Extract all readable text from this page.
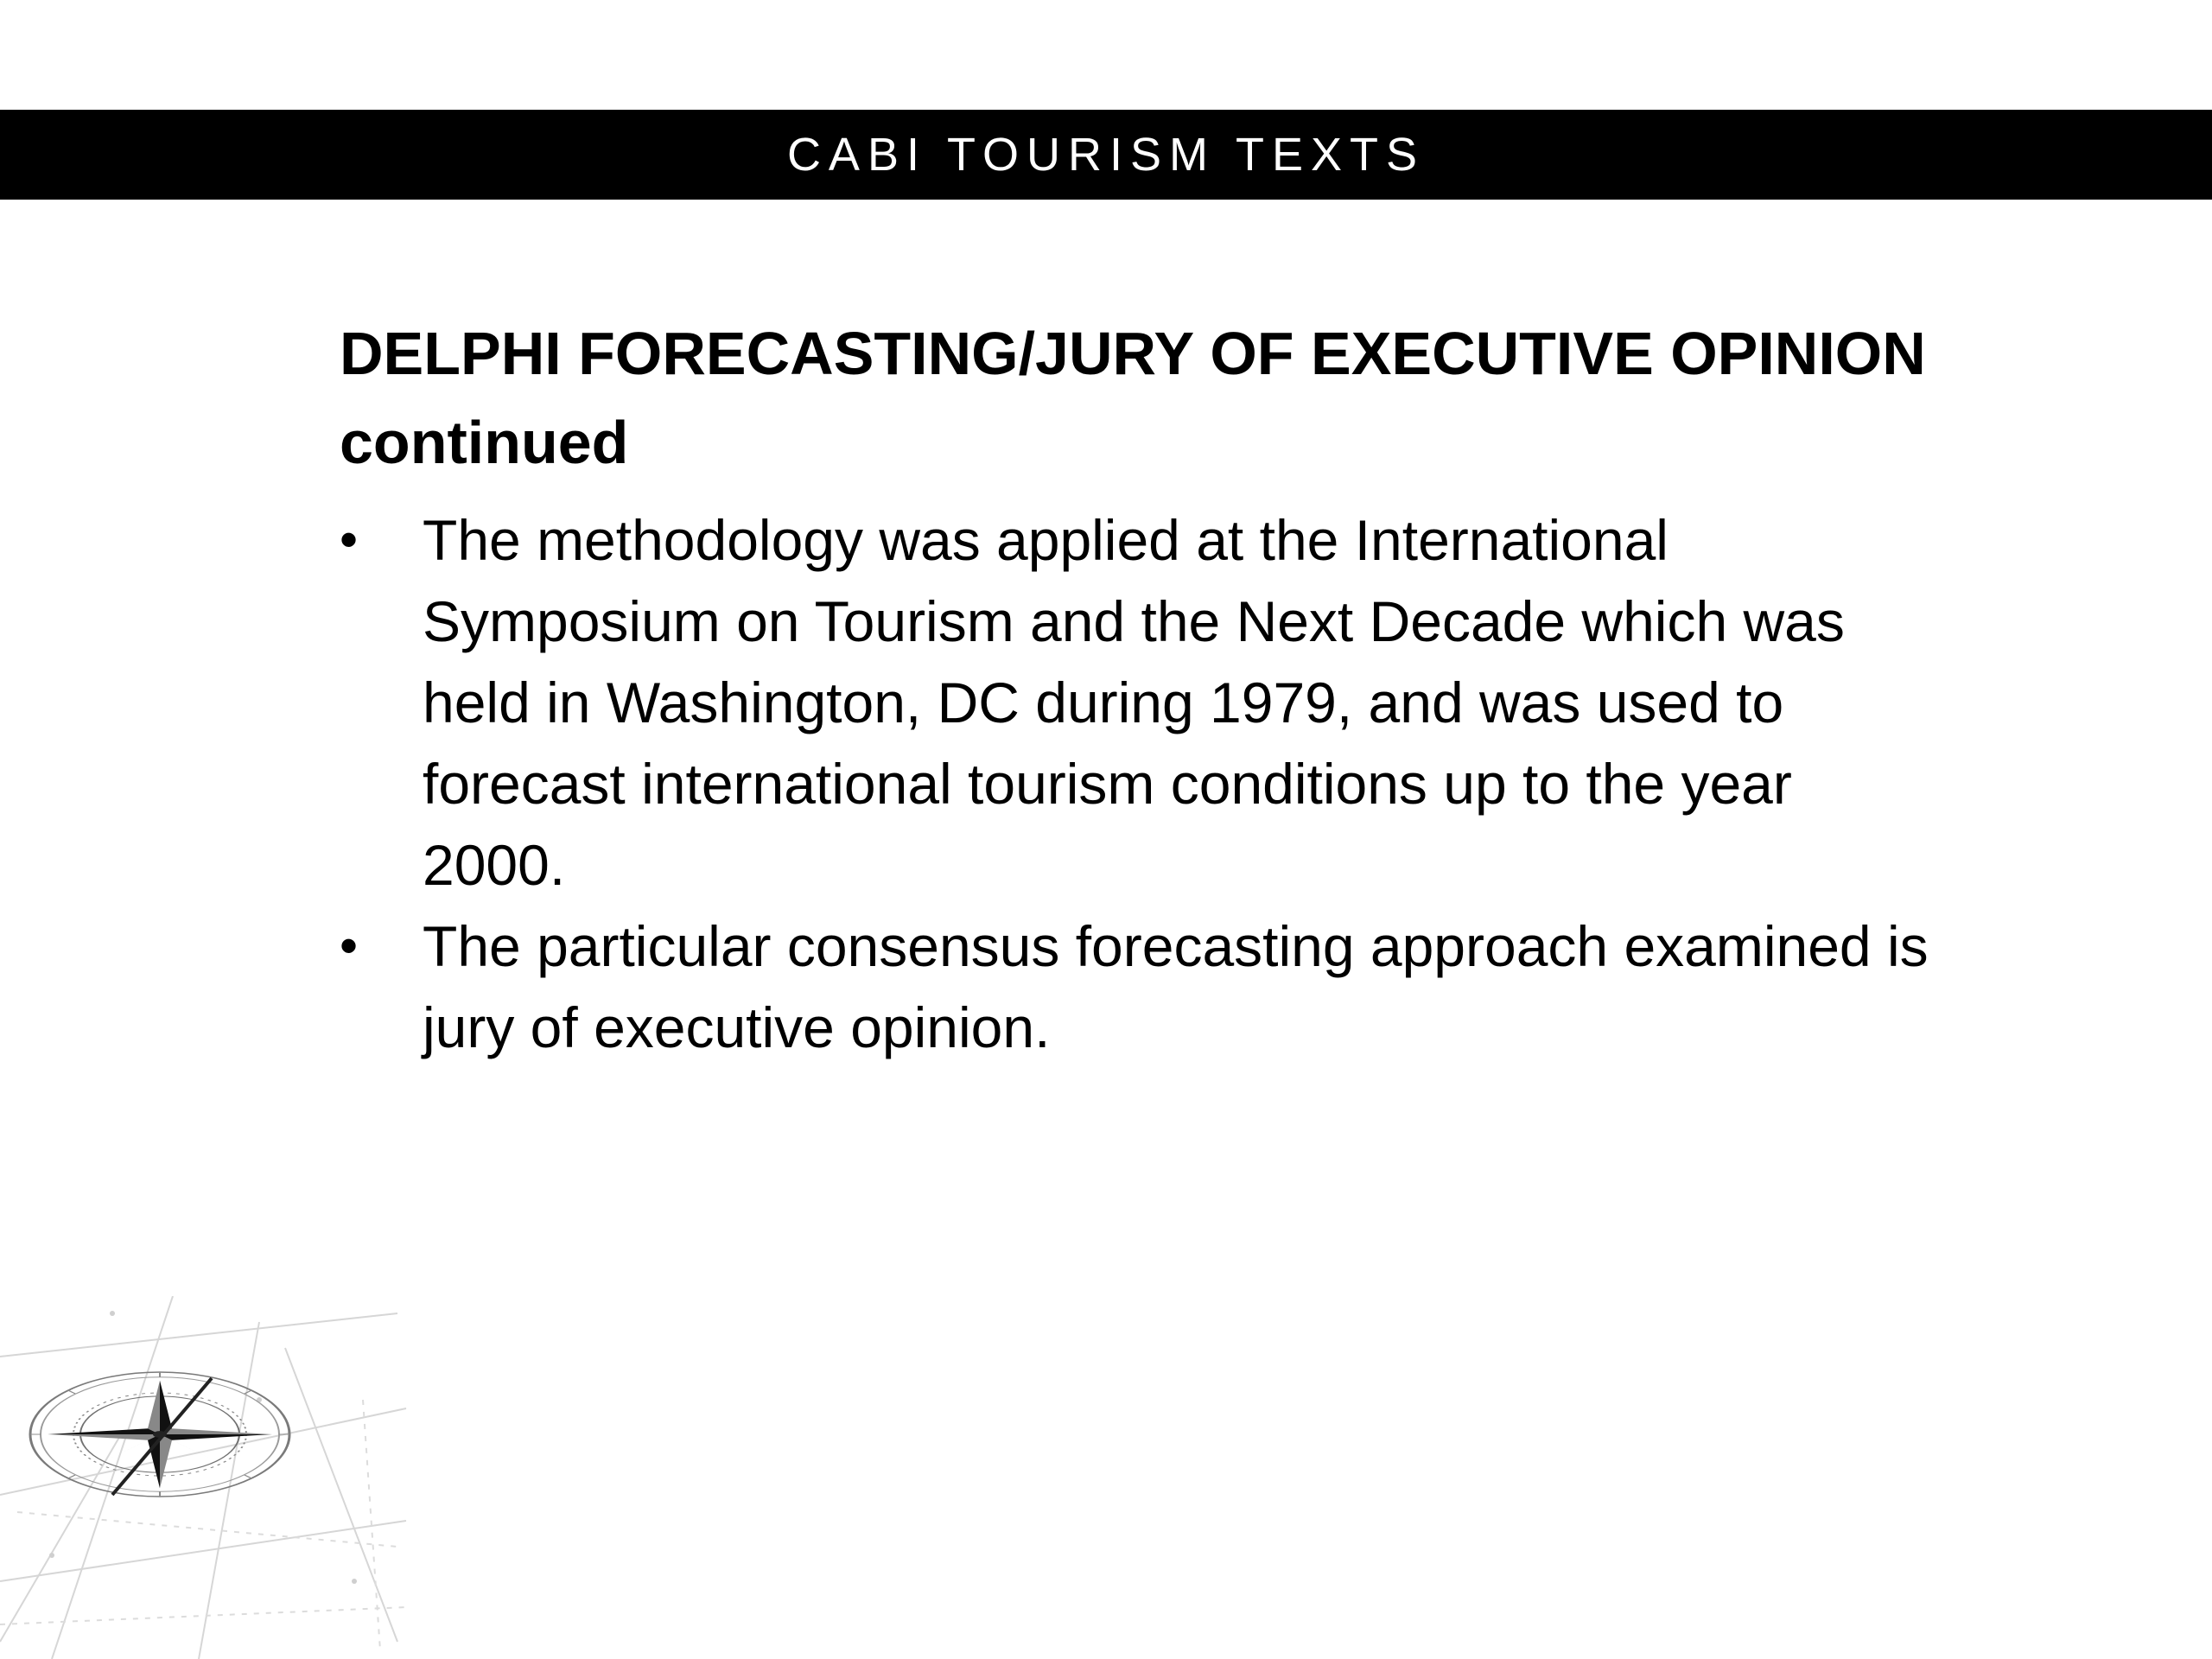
CABI TOURISM TEXTS
DELPHI FORECASTING/JURY OF EXECUTIVE OPINION
continued
• The methodology was applied at the International
Symposium on Tourism and the Next Decade which was
held in Washington, DC during 1979, and was used to
forecast international tourism conditions up to the year
2000.
• The particular consensus forecasting approach examined is
jury of executive opinion.
